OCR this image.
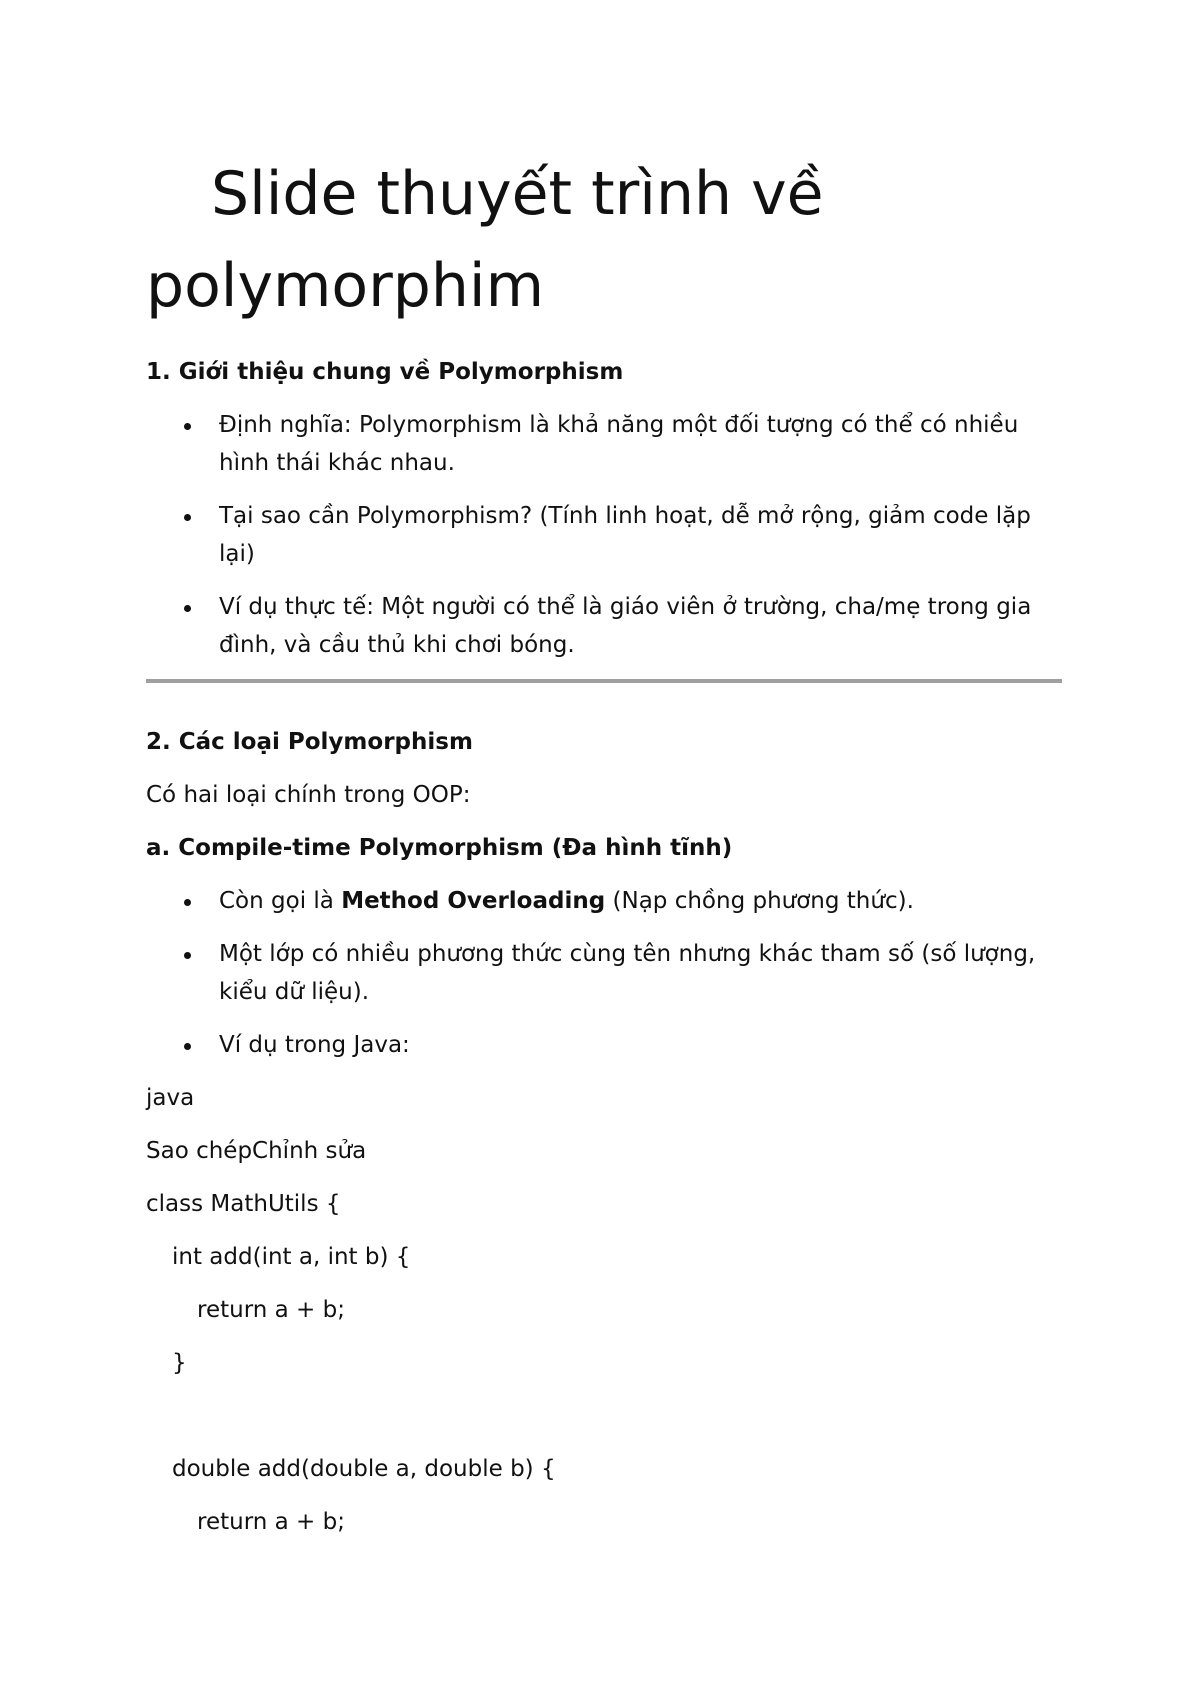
Slide thuyết trình về polymorphim

1. Giới thiệu chung về Polymorphism

Định nghĩa: Polymorphism là khả năng một đối tượng có thể có nhiều hình thái khác nhau.
Tại sao cần Polymorphism? (Tính linh hoạt, dễ mở rộng, giảm code lặp lại)
Ví dụ thực tế: Một người có thể là giáo viên ở trường, cha/mẹ trong gia đình, và cầu thủ khi chơi bóng.

2. Các loại Polymorphism

Có hai loại chính trong OOP:

a. Compile-time Polymorphism (Đa hình tĩnh)

Còn gọi là Method Overloading (Nạp chồng phương thức).
Một lớp có nhiều phương thức cùng tên nhưng khác tham số (số lượng, kiểu dữ liệu).
Ví dụ trong Java:

java

Sao chépChỉnh sửa

class MathUtils {

int add(int a, int b) {

return a + b;

}

double add(double a, double b) {

return a + b;
